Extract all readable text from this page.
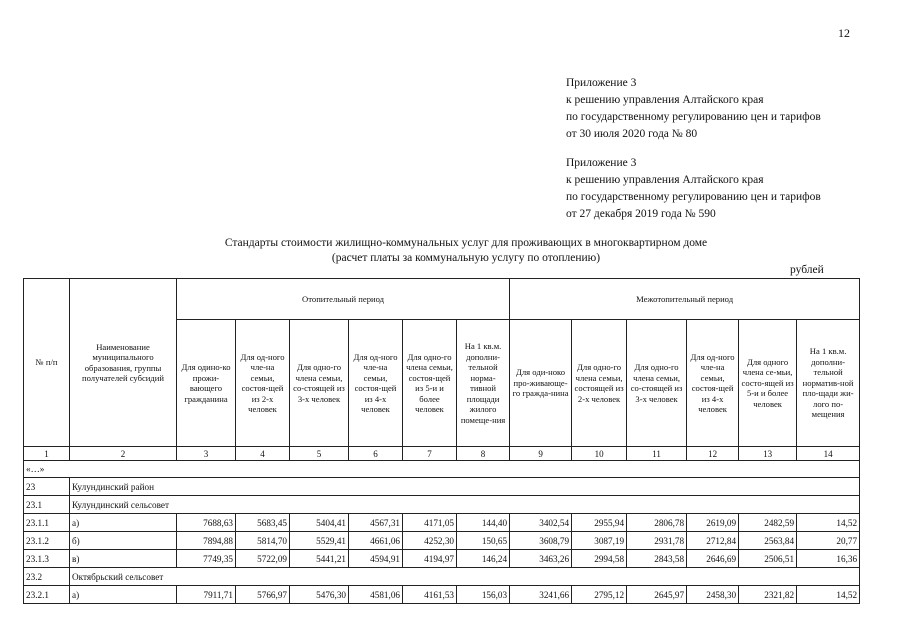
12
Приложение 3
к решению управления Алтайского края
по государственному регулированию цен и тарифов
от 30 июля 2020 года № 80
Приложение 3
к решению управления Алтайского края
по государственному регулированию цен и тарифов
от 27 декабря 2019 года № 590
Стандарты стоимости жилищно-коммунальных услуг для проживающих в многоквартирном доме
(расчет платы за коммунальную услугу по отоплению)
рублей
№ п/п	Наименование муниципального образования, группы получателей субсидий	Отопительный период						Межотопительный период					
		Для одино-ко прожи-вающего гражданина	Для од-ного чле-на семьи, состоя-щей из 2-х человек	Для одно-го члена семьи, со-стоящей из 3-х человек	Для од-ного чле-на семьи, состоя-щей из 4-х человек	Для одно-го члена семьи, состоя-щей из 5-и и более человек	На 1 кв.м. дополни-тельной норма-тивной площади жилого помеще-ния	Для оди-ноко про-живающе-го гражда-нина	Для одно-го члена семьи, состоящей из 2-х человек	Для одно-го члена семьи, со-стоящей из 3-х человек	Для од-ного чле-на семьи, состоя-щей из 4-х человек	Для одного члена се-мьи, состо-ящей из 5-и и более человек	На 1 кв.м. дополни-тельной норматив-ной пло-щади жи-лого по-мещения
1	2	3	4	5	6	7	8	9	10	11	12	13	14
«…»													
23	Кулундинский район												
23.1	Кулундинский сельсовет												
23.1.1	а)	7688,63	5683,45	5404,41	4567,31	4171,05	144,40	3402,54	2955,94	2806,78	2619,09	2482,59	14,52
23.1.2	б)	7894,88	5814,70	5529,41	4661,06	4252,30	150,65	3608,79	3087,19	2931,78	2712,84	2563,84	20,77
23.1.3	в)	7749,35	5722,09	5441,21	4594,91	4194,97	146,24	3463,26	2994,58	2843,58	2646,69	2506,51	16,36
23.2	Октябрьский сельсовет												
23.2.1	а)	7911,71	5766,97	5476,30	4581,06	4161,53	156,03	3241,66	2795,12	2645,97	2458,30	2321,82	14,52
